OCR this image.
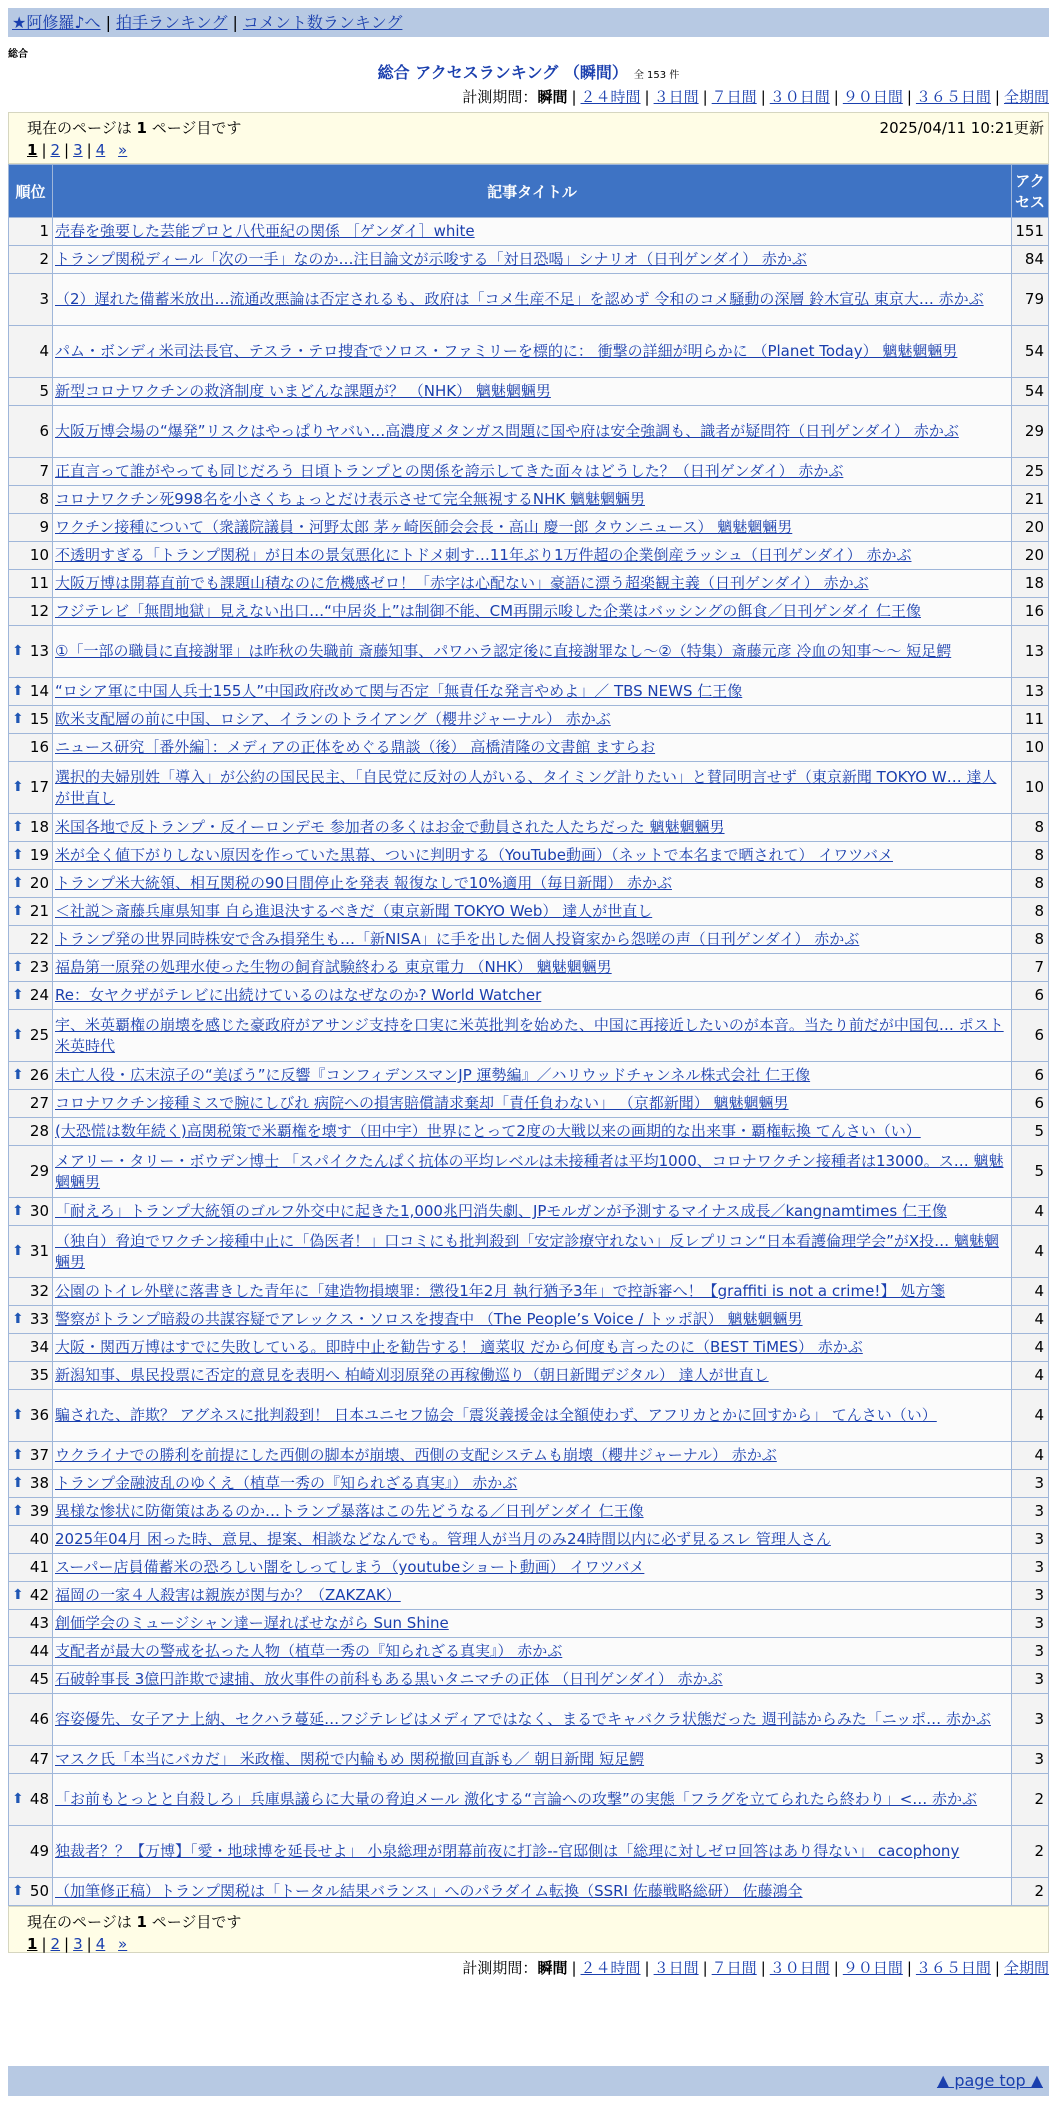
★阿修羅♪へ | 拍手ランキング | コメント数ランキング
総合
総合 アクセスランキング （瞬間） 全 153 件
計測期間：瞬間 | ２４時間 | ３日間 | ７日間 | ３０日間 | ９０日間 | ３６５日間 | 全期間
現在のページは 1 ページ目です	2025/04/11 10:21更新
1 | 2 | 3 | 4 »
順位	記事タイトル	アクセス
1	売春を強要した芸能プロと八代亜紀の関係 ［ゲンダイ］white	151
2	トランプ関税ディール「次の一手」なのか…注目論文が示唆する「対日恐喝」シナリオ（日刊ゲンダイ） 赤かぶ	84
3	（2）遅れた備蓄米放出…流通改悪論は否定されるも、政府は「コメ生産不足」を認めず 令和のコメ騒動の深層 鈴木宣弘 東京大… 赤かぶ	79
4	パム・ボンディ米司法長官、テスラ・テロ捜査でソロス・ファミリーを標的に： 衝撃の詳細が明らかに （Planet Today） 魑魅魍魎男	54
5	新型コロナワクチンの救済制度 いまどんな課題が？ （NHK） 魑魅魍魎男	54
6	大阪万博会場の“爆発”リスクはやっぱりヤバい…高濃度メタンガス問題に国や府は安全強調も、識者が疑問符（日刊ゲンダイ） 赤かぶ	29
7	正直言って誰がやっても同じだろう 日頃トランプとの関係を誇示してきた面々はどうした？（日刊ゲンダイ） 赤かぶ	25
8	コロナワクチン死998名を小さくちょっとだけ表示させて完全無視するNHK 魑魅魍魎男	21
9	ワクチン接種について（衆議院議員・河野太郎 茅ヶ崎医師会会長・高山 慶一郎 タウンニュース） 魑魅魍魎男	20
10	不透明すぎる「トランプ関税」が日本の景気悪化にトドメ刺す…11年ぶり1万件超の企業倒産ラッシュ（日刊ゲンダイ） 赤かぶ	20
11	大阪万博は開幕直前でも課題山積なのに危機感ゼロ！「赤字は心配ない」豪語に漂う超楽観主義（日刊ゲンダイ） 赤かぶ	18
12	フジテレビ「無間地獄」見えない出口…“中居炎上”は制御不能、CM再開示唆した企業はバッシングの餌食／日刊ゲンダイ 仁王像	16

⬆ 13	①「一部の職員に直接謝罪」は昨秋の失職前 斎藤知事、パワハラ認定後に直接謝罪なし～②（特集）斎藤元彦 冷血の知事～～ 短足鰐	13

⬆ 14	“ロシア軍に中国人兵士155人”中国政府改めて関与否定「無責任な発言やめよ」／ TBS NEWS 仁王像	13

⬆ 15	欧米支配層の前に中国、ロシア、イランのトライアング（櫻井ジャーナル） 赤かぶ	11
16	ニュース研究［番外編］：メディアの正体をめぐる鼎談（後） 高橋清隆の文書館 ますらお	10

⬆ 17	選択的夫婦別姓「導入」が公約の国民民主、「自民党に反対の人がいる、タイミング計りたい」と賛同明言せず（東京新聞 TOKYO W… 達人が世直し	10

⬆ 18	米国各地で反トランプ・反イーロンデモ 参加者の多くはお金で動員された人たちだった 魑魅魍魎男	8

⬆ 19	米が全く値下がりしない原因を作っていた黒幕、ついに判明する（YouTube動画）（ネットで本名まで晒されて） イワツバメ	8

⬆ 20	トランプ米大統領、相互関税の90日間停止を発表 報復なしで10%適用（毎日新聞） 赤かぶ	8

⬆ 21	＜社説＞斎藤兵庫県知事 自ら進退決するべきだ（東京新聞 TOKYO Web） 達人が世直し	8
22	トランプ発の世界同時株安で含み損発生も…「新NISA」に手を出した個人投資家から怨嗟の声（日刊ゲンダイ） 赤かぶ	8

⬆ 23	福島第一原発の処理水使った生物の飼育試験終わる 東京電力 （NHK） 魑魅魍魎男	7

⬆ 24	Re：女ヤクザがテレビに出続けているのはなぜなのか? World Watcher	6

⬆ 25	宇、米英覇権の崩壊を感じた豪政府がアサンジ支持を口実に米英批判を始めた、中国に再接近したいのが本音。当たり前だが中国包… ポスト米英時代	6

⬆ 26	未亡人役・広末涼子の“美ぼう”に反響『コンフィデンスマンJP 運勢編』／ハリウッドチャンネル株式会社 仁王像	6
27	コロナワクチン接種ミスで腕にしびれ 病院への損害賠償請求棄却「責任負わない」 （京都新聞） 魑魅魍魎男	6
28	(大恐慌は数年続く)高関税策で米覇権を壊す（田中宇）世界にとって2度の大戦以来の画期的な出来事・覇権転換 てんさい（い）	5
29	メアリー・タリー・ボウデン博士 「スパイクたんぱく抗体の平均レベルは未接種者は平均1000、コロナワクチン接種者は13000。ス… 魑魅魍魎男	5

⬆ 30	「耐えろ」トランプ大統領のゴルフ外交中に起きた1,000兆円消失劇、JPモルガンが予測するマイナス成長／kangnamtimes 仁王像	4

⬆ 31	（独自）脅迫でワクチン接種中止に「偽医者！」口コミにも批判殺到「安定診療守れない」反レプリコン“日本看護倫理学会”がX投… 魑魅魍魎男	4
32	公園のトイレ外壁に落書きした青年に「建造物損壊罪：懲役1年2月 執行猶予3年」で控訴審へ！【graffiti is not a crime!】 処方箋	4

⬆ 33	警察がトランプ暗殺の共謀容疑でアレックス・ソロスを捜査中 （The People’s Voice / トッポ訳） 魑魅魍魎男	4
34	大阪・関西万博はすでに失敗している。即時中止を勧告する！ 適菜収 だから何度も言ったのに（BEST TiMES） 赤かぶ	4
35	新潟知事、県民投票に否定的意見を表明へ 柏崎刈羽原発の再稼働巡り（朝日新聞デジタル） 達人が世直し	4

⬆ 36	騙された、詐欺？ アグネスに批判殺到！ 日本ユニセフ協会「震災義援金は全額使わず、アフリカとかに回すから」 てんさい（い）	4

⬆ 37	ウクライナでの勝利を前提にした西側の脚本が崩壊、西側の支配システムも崩壊（櫻井ジャーナル） 赤かぶ	4

⬆ 38	トランプ金融波乱のゆくえ（植草一秀の『知られざる真実』） 赤かぶ	3

⬆ 39	異様な惨状に防衛策はあるのか…トランプ暴落はこの先どうなる／日刊ゲンダイ 仁王像	3
40	2025年04月 困った時、意見、提案、相談などなんでも。管理人が当月のみ24時間以内に必ず見るスレ 管理人さん	3
41	スーパー店員備蓄米の恐ろしい闇をしってしまう（youtubeショート動画） イワツバメ	3

⬆ 42	福岡の一家４人殺害は親族が関与か？（ZAKZAK）	3
43	創価学会のミュージシャン達ー遅ればせながら Sun Shine	3
44	支配者が最大の警戒を払った人物（植草一秀の『知られざる真実』） 赤かぶ	3
45	石破幹事長 3億円詐欺で逮捕、放火事件の前科もある黒いタニマチの正体 （日刊ゲンダイ） 赤かぶ	3
46	容姿優先、女子アナ上納、セクハラ蔓延…フジテレビはメディアではなく、まるでキャバクラ状態だった 週刊誌からみた「ニッポ… 赤かぶ	3
47	マスク氏「本当にバカだ」 米政権、関税で内輪もめ 関税撤回直訴も／ 朝日新聞 短足鰐	3

⬆ 48	「お前もとっとと自殺しろ」兵庫県議らに大量の脅迫メール 激化する“言論への攻撃”の実態「フラグを立てられたら終わり」<… 赤かぶ	2
49	独裁者？？【万博】「愛・地球博を延長せよ」 小泉総理が閉幕前夜に打診--官邸側は「総理に対しゼロ回答はあり得ない」 cacophony	2

⬆ 50	（加筆修正稿）トランプ関税は「トータル結果バランス」へのパラダイム転換（SSRI 佐藤戦略総研） 佐藤鴻全	2
現在のページは 1 ページ目です
1 | 2 | 3 | 4 »
計測期間：瞬間 | ２４時間 | ３日間 | ７日間 | ３０日間 | ９０日間 | ３６５日間 | 全期間
▲ page top ▲
